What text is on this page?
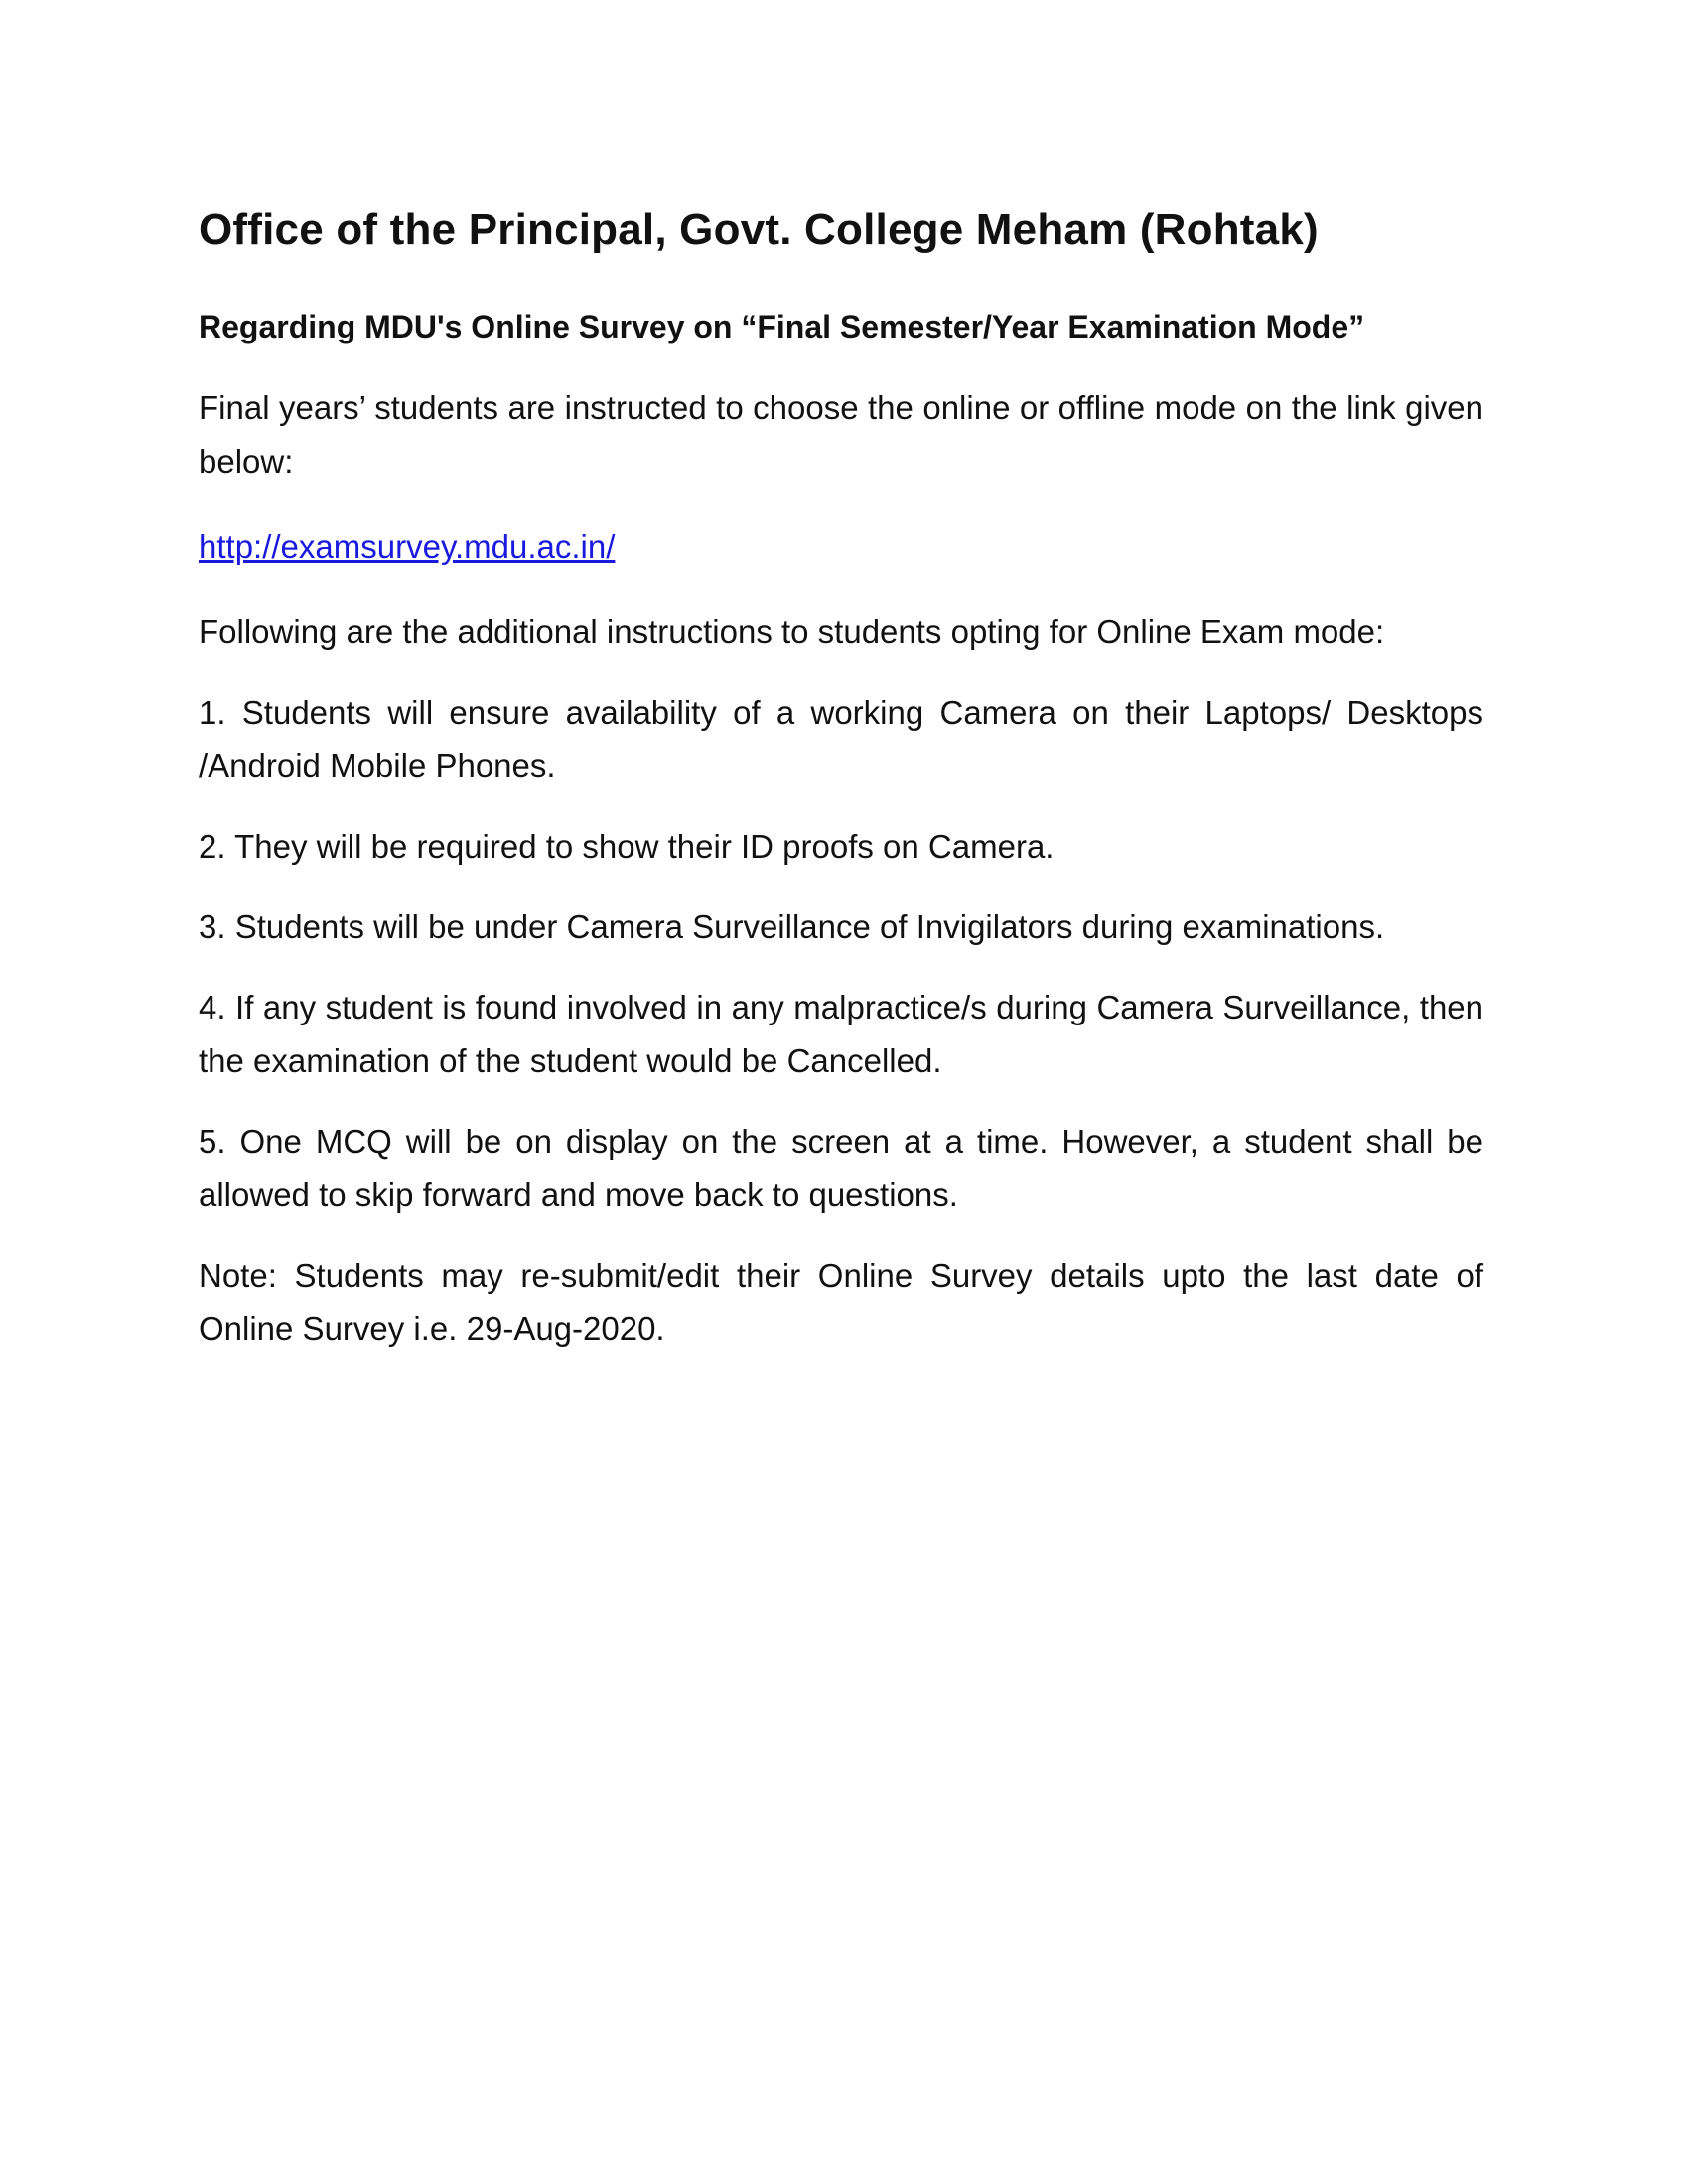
Office of the Principal, Govt. College Meham (Rohtak)

Regarding MDU's Online Survey on “Final Semester/Year Examination Mode”

Final years’ students are instructed to choose the online or offline mode on the link given below:

http://examsurvey.mdu.ac.in/

Following are the additional instructions to students opting for Online Exam mode:

1. Students will ensure availability of a working Camera on their Laptops/ Desktops /Android Mobile Phones.

2. They will be required to show their ID proofs on Camera.

3. Students will be under Camera Surveillance of Invigilators during examinations.

4. If any student is found involved in any malpractice/s during Camera Surveillance, then the examination of the student would be Cancelled.

5. One MCQ will be on display on the screen at a time. However, a student shall be allowed to skip forward and move back to questions.

Note: Students may re-submit/edit their Online Survey details upto the last date of Online Survey i.e. 29-Aug-2020.
